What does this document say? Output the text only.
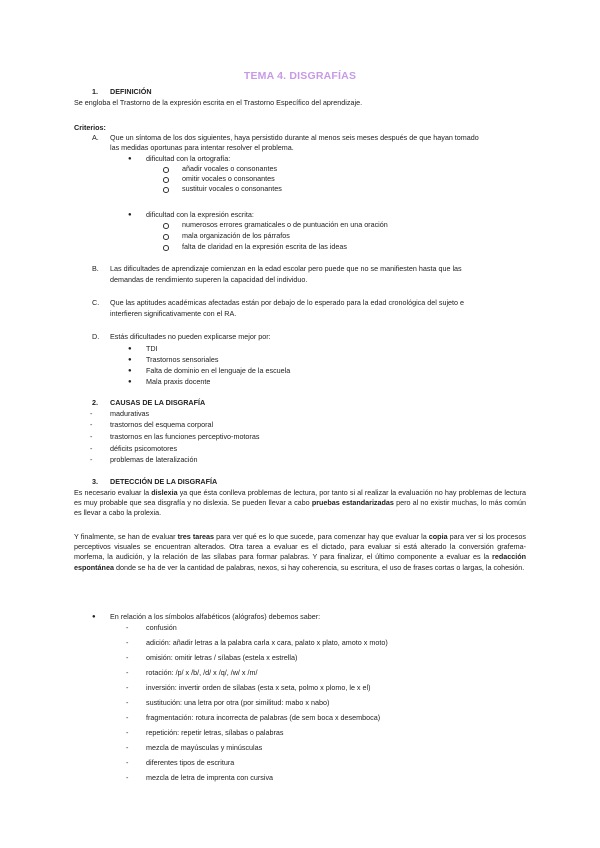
TEMA 4. DISGRAFÍAS
1. DEFINICIÓN
Se engloba el Trastorno de la expresión escrita en el Trastorno Específico del aprendizaje.
Criterios:
A. Que un síntoma de los dos siguientes, haya persistido durante al menos seis meses después de que hayan tomado
las medidas oportunas para intentar resolver el problema.
● dificultad con la ortografía:
añadir vocales o consonantes
omitir vocales o consonantes
sustituir vocales o consonantes
● dificultad con la expresión escrita:
numerosos errores gramaticales o de puntuación en una oración
mala organización de los párrafos
falta de claridad en la expresión escrita de las ideas
B. Las dificultades de aprendizaje comienzan en la edad escolar pero puede que no se manifiesten hasta que las
demandas de rendimiento superen la capacidad del individuo.
C. Que las aptitudes académicas afectadas están por debajo de lo esperado para la edad cronológica del sujeto e
interfieren significativamente con el RA.
D. Estás dificultades no pueden explicarse mejor por:
● TDI
● Trastornos sensoriales
● Falta de dominio en el lenguaje de la escuela
● Mala praxis docente
2. CAUSAS DE LA DISGRAFÍA
- madurativas
- trastornos del esquema corporal
- trastornos en las funciones perceptivo-motoras
- déficits psicomotores
- problemas de lateralización
3. DETECCIÓN DE LA DISGRAFÍA
Es necesario evaluar la dislexia ya que ésta conlleva problemas de lectura, por tanto si al realizar la evaluación no hay problemas de lectura es muy probable que sea disgrafía y no dislexia. Se pueden llevar a cabo pruebas estandarizadas pero al no existir muchas, lo más común es llevar a cabo la prolexia.
Y finalmente, se han de evaluar tres tareas para ver qué es lo que sucede, para comenzar hay que evaluar la copia para ver si los procesos perceptivos visuales se encuentran alterados. Otra tarea a evaluar es el dictado, para evaluar si está alterado la conversión grafema-morfema, la audición, y la relación de las sílabas para formar palabras. Y para finalizar, el último componente a evaluar es la redacción espontánea donde se ha de ver la cantidad de palabras, nexos, si hay coherencia, su escritura, el uso de frases cortas o largas, la cohesión.
● En relación a los símbolos alfabéticos (alógrafos) debemos saber:
- confusión
- adición: añadir letras a la palabra carla x cara, palato x plato, amoto x moto)
- omisión: omitir letras / sílabas (estela x estrella)
- rotación: /p/ x /b/, /d/ x /q/, /w/ x /m/
- inversión: invertir orden de sílabas (esta x seta, polmo x plomo, le x el)
- sustitución: una letra por otra (por similitud: mabo x nabo)
- fragmentación: rotura incorrecta de palabras (de sem boca x desemboca)
- repetición: repetir letras, sílabas o palabras
- mezcla de mayúsculas y minúsculas
- diferentes tipos de escritura
- mezcla de letra de imprenta con cursiva
